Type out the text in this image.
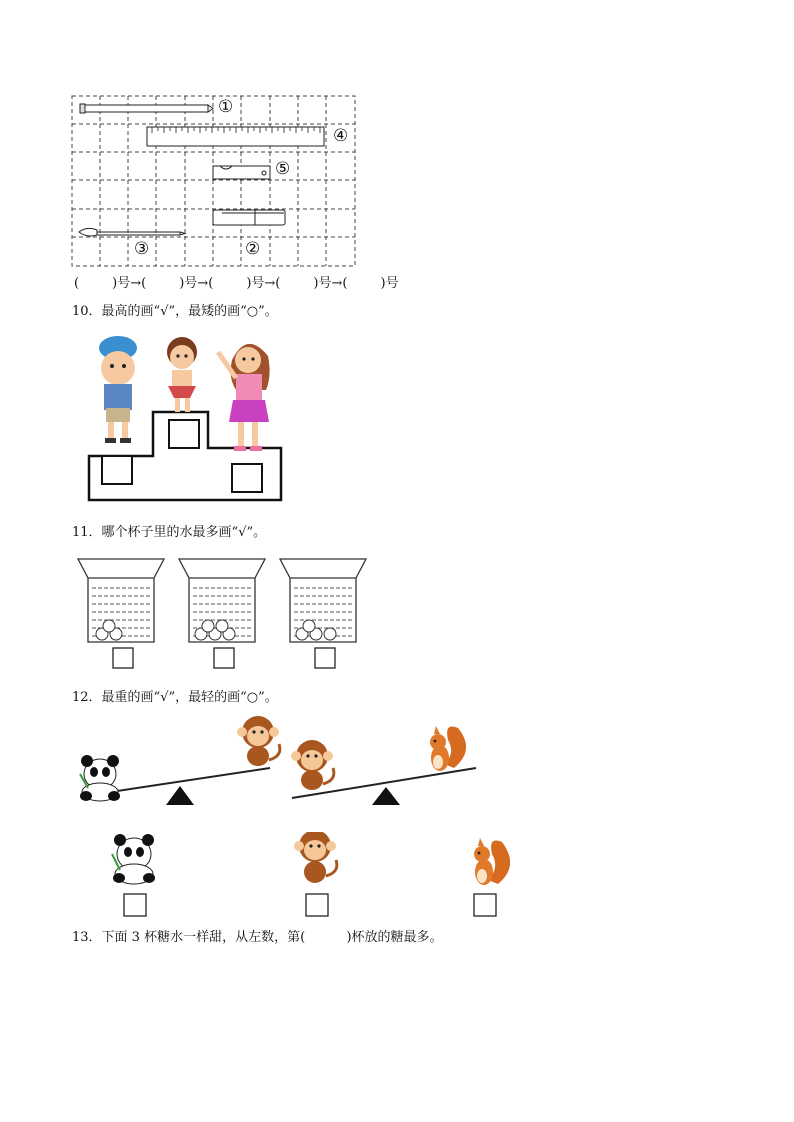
①
④
⑤
③	②
(        )号→(        )号→(        )号→(        )号→(        )号
10．最高的画“√”，最矮的画“○”。
11．哪个杯子里的水最多画“√”。
12．最重的画“√”，最轻的画“○”。
13．下面 3 杯糖水一样甜，从左数，第(          )杯放的糖最多。
